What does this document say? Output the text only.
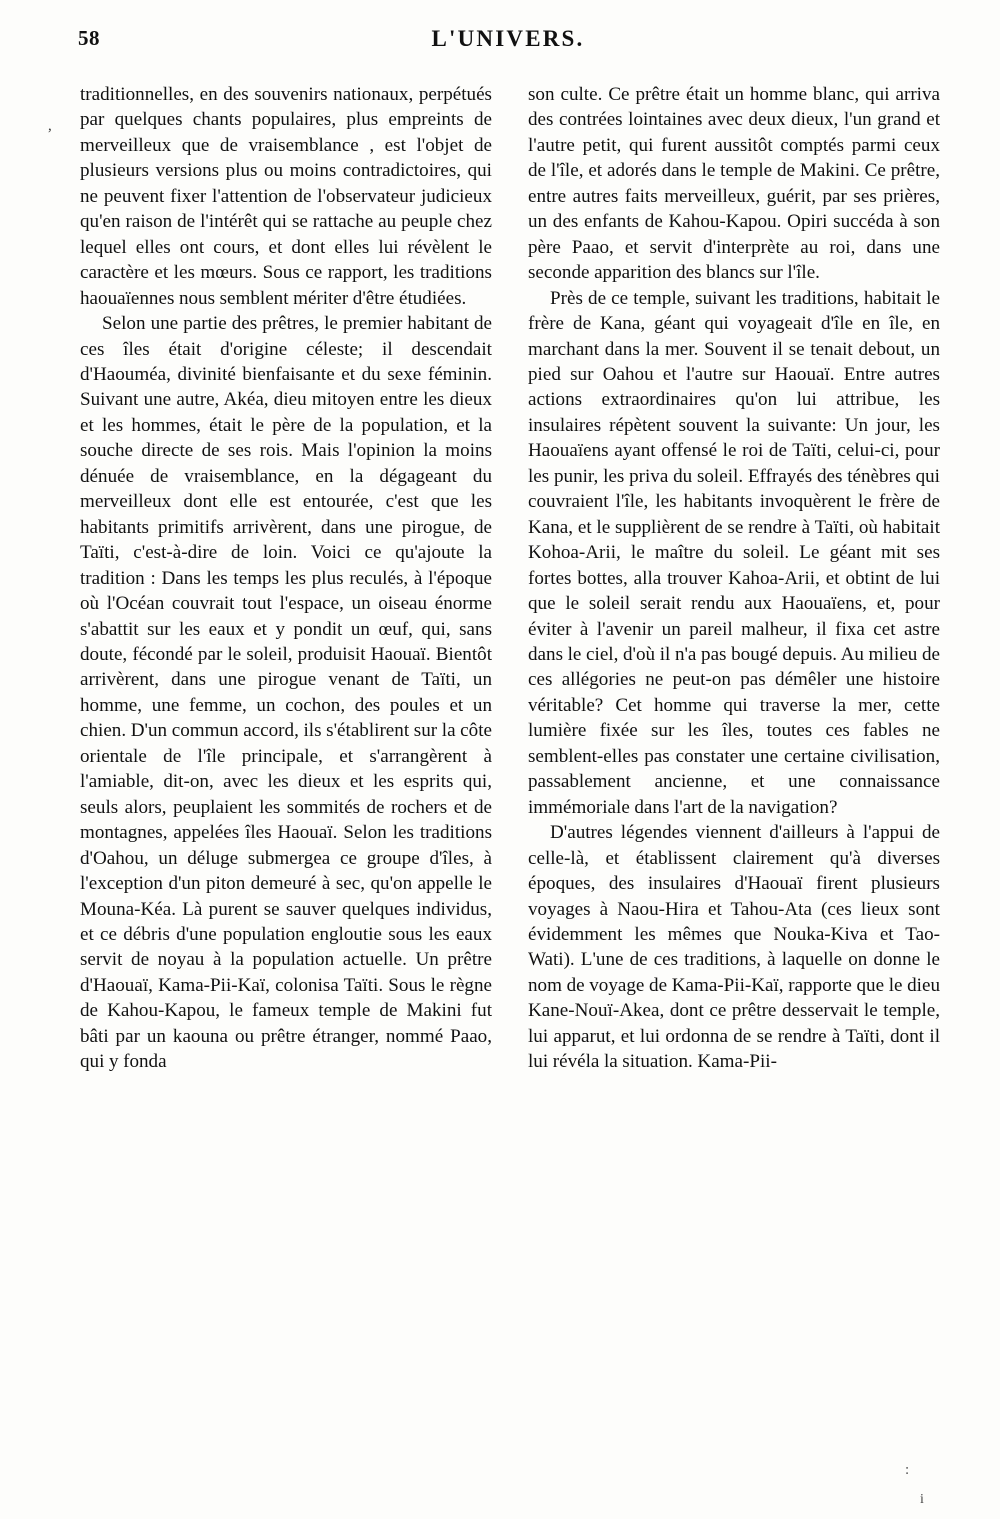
58	L'UNIVERS.
,

traditionnelles, en des souvenirs nationaux, perpétués par quelques chants populaires, plus empreints de merveilleux que de vraisemblance , est l'objet de plusieurs versions plus ou moins contradictoires, qui ne peuvent fixer l'attention de l'observateur judicieux qu'en raison de l'intérêt qui se rattache au peuple chez lequel elles ont cours, et dont elles lui révèlent le caractère et les mœurs. Sous ce rapport, les traditions haouaïennes nous semblent mériter d'être étudiées.

Selon une partie des prêtres, le premier habitant de ces îles était d'origine céleste; il descendait d'Haouméa, divinité bienfaisante et du sexe féminin. Suivant une autre, Akéa, dieu mitoyen entre les dieux et les hommes, était le père de la population, et la souche directe de ses rois. Mais l'opinion la moins dénuée de vraisemblance, en la dégageant du merveilleux dont elle est entourée, c'est que les habitants primitifs arrivèrent, dans une pirogue, de Taïti, c'est-à-dire de loin. Voici ce qu'ajoute la tradition : Dans les temps les plus reculés, à l'époque où l'Océan couvrait tout l'espace, un oiseau énorme s'abattit sur les eaux et y pondit un œuf, qui, sans doute, fécondé par le soleil, produisit Haouaï. Bientôt arrivèrent, dans une pirogue venant de Taïti, un homme, une femme, un cochon, des poules et un chien. D'un commun accord, ils s'établirent sur la côte orientale de l'île principale, et s'arrangèrent à l'amiable, dit-on, avec les dieux et les esprits qui, seuls alors, peuplaient les sommités de rochers et de montagnes, appelées îles Haouaï. Selon les traditions d'Oahou, un déluge submergea ce groupe d'îles, à l'exception d'un piton demeuré à sec, qu'on appelle le Mouna-Kéa. Là purent se sauver quelques individus, et ce débris d'une population engloutie sous les eaux servit de noyau à la population actuelle. Un prêtre d'Haouaï, Kama-Pii-Kaï, colonisa Taïti. Sous le règne de Kahou-Kapou, le fameux temple de Makini fut bâti par un kaouna ou prêtre étranger, nommé Paao, qui y fonda

son culte. Ce prêtre était un homme blanc, qui arriva des contrées lointaines avec deux dieux, l'un grand et l'autre petit, qui furent aussitôt comptés parmi ceux de l'île, et adorés dans le temple de Makini. Ce prêtre, entre autres faits merveilleux, guérit, par ses prières, un des enfants de Kahou-Kapou. Opiri succéda à son père Paao, et servit d'interprète au roi, dans une seconde apparition des blancs sur l'île.

Près de ce temple, suivant les traditions, habitait le frère de Kana, géant qui voyageait d'île en île, en marchant dans la mer. Souvent il se tenait debout, un pied sur Oahou et l'autre sur Haouaï. Entre autres actions extraordinaires qu'on lui attribue, les insulaires répètent souvent la suivante: Un jour, les Haouaïens ayant offensé le roi de Taïti, celui-ci, pour les punir, les priva du soleil. Effrayés des ténèbres qui couvraient l'île, les habitants invoquèrent le frère de Kana, et le supplièrent de se rendre à Taïti, où habitait Kohoa-Arii, le maître du soleil. Le géant mit ses fortes bottes, alla trouver Kahoa-Arii, et obtint de lui que le soleil serait rendu aux Haouaïens, et, pour éviter à l'avenir un pareil malheur, il fixa cet astre dans le ciel, d'où il n'a pas bougé depuis. Au milieu de ces allégories ne peut-on pas démêler une histoire véritable? Cet homme qui traverse la mer, cette lumière fixée sur les îles, toutes ces fables ne semblent-elles pas constater une certaine civilisation, passablement ancienne, et une connaissance immémoriale dans l'art de la navigation?

D'autres légendes viennent d'ailleurs à l'appui de celle-là, et établissent clairement qu'à diverses époques, des insulaires d'Haouaï firent plusieurs voyages à Naou-Hira et Tahou-Ata (ces lieux sont évidemment les mêmes que Nouka-Kiva et Tao-Wati). L'une de ces traditions, à laquelle on donne le nom de voyage de Kama-Pii-Kaï, rapporte que le dieu Kane-Nouï-Akea, dont ce prêtre desservait le temple, lui apparut, et lui ordonna de se rendre à Taïti, dont il lui révéla la situation. Kama-Pii-

:
i
